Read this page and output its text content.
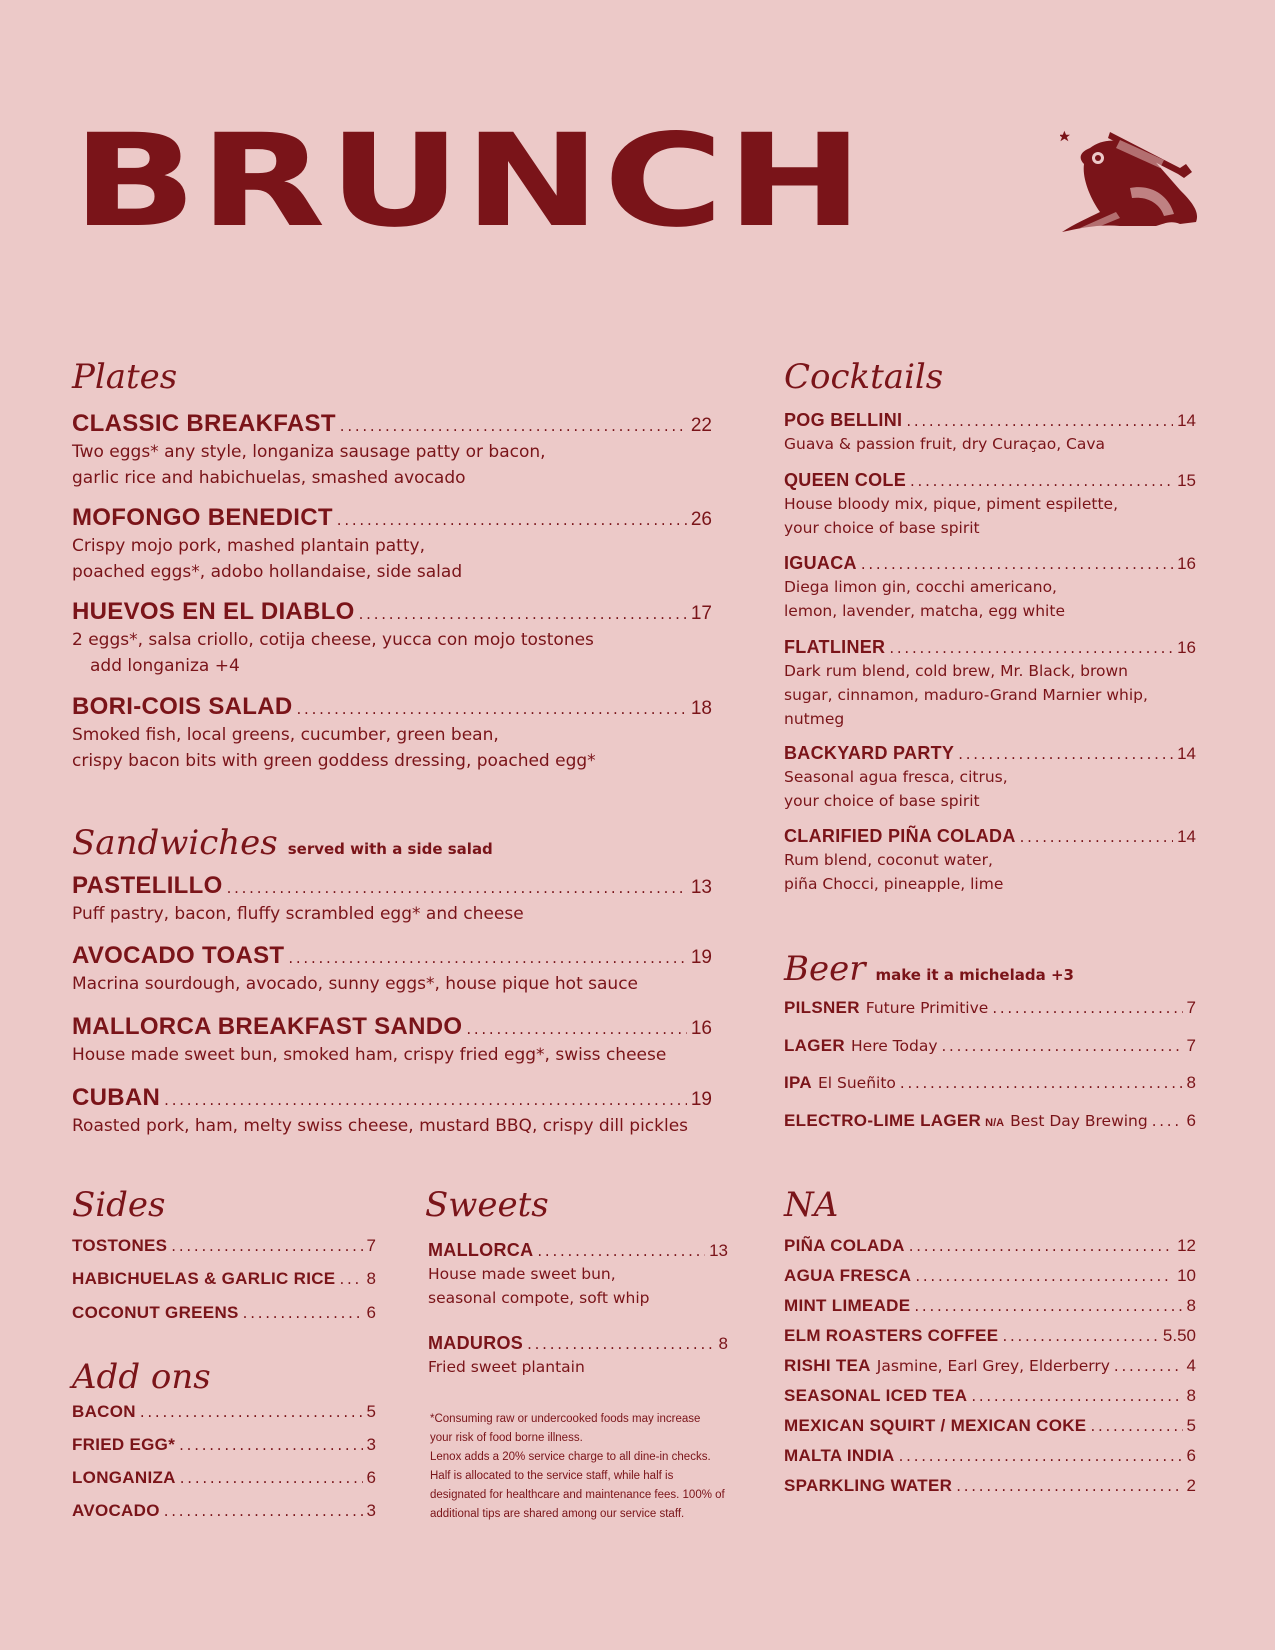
BRUNCH
Plates
CLASSIC BREAKFAST . . .	22
Two eggs* any style, longaniza sausage patty or bacon,
garlic rice and habichuelas, smashed avocado
MOFONGO BENEDICT . . .	26
Crispy mojo pork, mashed plantain patty,
poached eggs*, adobo hollandaise, side salad
HUEVOS EN EL DIABLO . . .	17
2 eggs*, salsa criollo, cotija cheese, yucca con mojo tostones
add longaniza +4
BORI-COIS SALAD . . .	18
Smoked fish, local greens, cucumber, green bean,
crispy bacon bits with green goddess dressing, poached egg*
Sandwiches served with a side salad
PASTELILLO . . .	13
Puff pastry, bacon, fluffy scrambled egg* and cheese
AVOCADO TOAST . . .	19
Macrina sourdough, avocado, sunny eggs*, house pique hot sauce
MALLORCA BREAKFAST SANDO . . .	16
House made sweet bun, smoked ham, crispy fried egg*, swiss cheese
CUBAN . . .	19
Roasted pork, ham, melty swiss cheese, mustard BBQ, crispy dill pickles
Sides
TOSTONES . . .	7
HABICHUELAS & GARLIC RICE . . . 8
COCONUT GREENS . . .	6
Add ons
BACON . . .	5
FRIED EGG* . . .	3
LONGANIZA . . .	6
AVOCADO . . .	3
Sweets
MALLORCA . . .	13
House made sweet bun,
seasonal compote, soft whip
MADUROS . . .	8
Fried sweet plantain
*Consuming raw or undercooked foods may increase
your risk of food borne illness.
Lenox adds a 20% service charge to all dine-in checks.
Half is allocated to the service staff, while half is
designated for healthcare and maintenance fees. 100% of
additional tips are shared among our service staff.
Cocktails
POG BELLINI . . .	14
Guava & passion fruit, dry Curaçao, Cava
QUEEN COLE . . .	15
House bloody mix, pique, piment espilette,
your choice of base spirit
IGUACA . . .	16
Diega limon gin, cocchi americano,
lemon, lavender, matcha, egg white
FLATLINER . . .	16
Dark rum blend, cold brew, Mr. Black, brown
sugar, cinnamon, maduro-Grand Marnier whip,
nutmeg
BACKYARD PARTY . . .	14
Seasonal agua fresca, citrus,
your choice of base spirit
CLARIFIED PIÑA COLADA . . .	14
Rum blend, coconut water,
piña Chocci, pineapple, lime
Beer make it a michelada +3
PILSNER Future Primitive . . .	7
LAGER Here Today . . .	7
IPA El Sueñito . . .	8
ELECTRO-LIME LAGER N/A Best Day Brewing . . . 6
NA
PIÑA COLADA . . .	12
AGUA FRESCA . . .	10
MINT LIMEADE . . .	8
ELM ROASTERS COFFEE . . .	5.50
RISHI TEA Jasmine, Earl Grey, Elderberry . . .	4
SEASONAL ICED TEA . . .	8
MEXICAN SQUIRT / MEXICAN COKE . . .	5
MALTA INDIA . . .	6
SPARKLING WATER . . .	2
